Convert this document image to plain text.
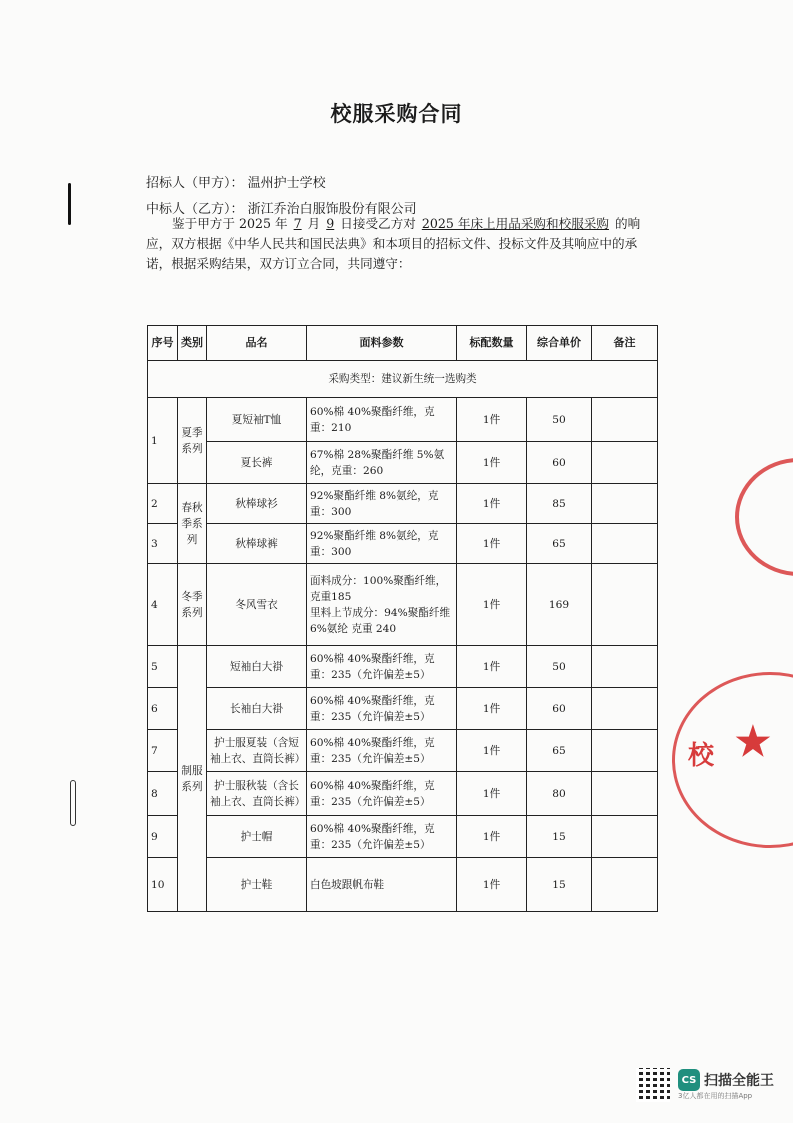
校服采购合同
招标人（甲方）： 温州护士学校
中标人（乙方）： 浙江乔治白服饰股份有限公司

鉴于甲方于 2025 年 7 月 9 日接受乙方对 2025 年床上用品采购和校服采购 的响应，双方根据《中华人民共和国民法典》和本项目的招标文件、投标文件及其响应中的承诺，根据采购结果，双方订立合同，共同遵守：

序号	类别	品名	面料参数	标配数量	综合单价	备注
采购类型：建议新生统一选购类						
1	夏季系列	夏短袖T恤	60%棉 40%聚酯纤维，克重：210	1件	50	
		夏长裤	67%棉 28%聚酯纤维 5%氨纶，克重：260	1件	60	
2	春秋季系列	秋棒球衫	92%聚酯纤维 8%氨纶，克重：300	1件	85	
3		秋棒球裤	92%聚酯纤维 8%氨纶，克重：300	1件	65	
4	冬季系列	冬风雪衣	面料成分：100%聚酯纤维，克重185
里料上节成分：94%聚酯纤维 6%氨纶 克重 240	1件	169	
5	制服系列	短袖白大褂	60%棉 40%聚酯纤维，克重：235（允许偏差±5）	1件	50	
6		长袖白大褂	60%棉 40%聚酯纤维，克重：235（允许偏差±5）	1件	60	
7		护士服夏装（含短袖上衣、直筒长裤）	60%棉 40%聚酯纤维，克重：235（允许偏差±5）	1件	65	
8		护士服秋装（含长袖上衣、直筒长裤）	60%棉 40%聚酯纤维，克重：235（允许偏差±5）	1件	80	
9		护士帽	60%棉 40%聚酯纤维，克重：235（允许偏差±5）	1件	15	
10		护士鞋	白色坡跟帆布鞋	1件	15	
校 ★
CS 扫描全能王
3亿人都在用的扫描App
